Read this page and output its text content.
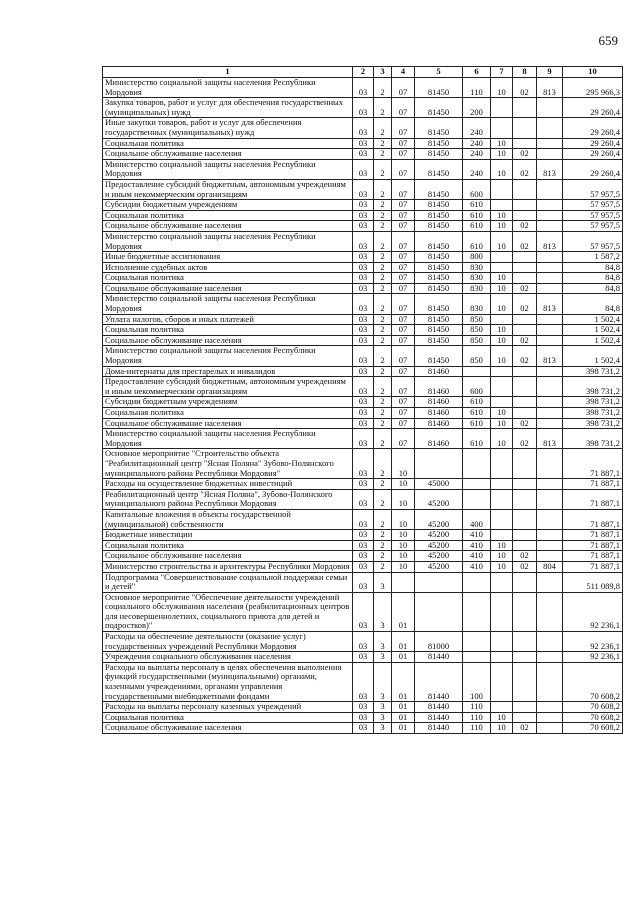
659
1	2	3	4	5	6	7	8	9	10
Министерство социальной защиты населения Республики Мордовия	03	2	07	81450	110	10	02	813	295 966,3
Закупка товаров, работ и услуг для обеспечения государственных (муниципальных) нужд	03	2	07	81450	200				29 260,4
Иные закупки товаров, работ и услуг для обеспечения государственных (муниципальных) нужд	03	2	07	81450	240				29 260,4
Социальная политика	03	2	07	81450	240	10			29 260,4
Социальное обслуживание населения	03	2	07	81450	240	10	02		29 260,4
Министерство социальной защиты населения Республики Мордовия	03	2	07	81450	240	10	02	813	29 260,4
Предоставление субсидий бюджетным, автономным учреждениям и иным некоммерческим организациям	03	2	07	81450	600				57 957,5
Субсидии бюджетным учреждениям	03	2	07	81450	610				57 957,5
Социальная политика	03	2	07	81450	610	10			57 957,5
Социальное обслуживание населения	03	2	07	81450	610	10	02		57 957,5
Министерство социальной защиты населения Республики Мордовия	03	2	07	81450	610	10	02	813	57 957,5
Иные бюджетные ассигнования	03	2	07	81450	800				1 587,2
Исполнение судебных актов	03	2	07	81450	830				84,8
Социальная политика	03	2	07	81450	830	10			84,8
Социальное обслуживание населения	03	2	07	81450	830	10	02		84,8
Министерство социальной защиты населения Республики Мордовия	03	2	07	81450	830	10	02	813	84,8
Уплата налогов, сборов и иных платежей	03	2	07	81450	850				1 502,4
Социальная политика	03	2	07	81450	850	10			1 502,4
Социальное обслуживание населения	03	2	07	81450	850	10	02		1 502,4
Министерство социальной защиты населения Республики Мордовия	03	2	07	81450	850	10	02	813	1 502,4
Дома-интернаты для престарелых и инвалидов	03	2	07	81460					398 731,2
Предоставление субсидий бюджетным, автономным учреждениям и иным некоммерческим организациям	03	2	07	81460	600				398 731,2
Субсидии бюджетным учреждениям	03	2	07	81460	610				398 731,2
Социальная политика	03	2	07	81460	610	10			398 731,2
Социальное обслуживание населения	03	2	07	81460	610	10	02		398 731,2
Министерство социальной защиты населения Республики Мордовия	03	2	07	81460	610	10	02	813	398 731,2
Основное мероприятие "Строительство объекта "Реабилитационный центр "Ясная Поляна" Зубово-Полянского муниципального района Республики Мордовия"	03	2	10						71 887,1
Расходы на осуществление бюджетных инвестиций	03	2	10	45000					71 887,1
Реабилитационный центр "Ясная Поляна", Зубово-Полянского муниципального района Республики Мордовия	03	2	10	45200					71 887,1
Капитальные вложения в объекты государственной (муниципальной) собственности	03	2	10	45200	400				71 887,1
Бюджетные инвестиции	03	2	10	45200	410				71 887,1
Социальная политика	03	2	10	45200	410	10			71 887,1
Социальное обслуживание населения	03	2	10	45200	410	10	02		71 887,1
Министерство строительства и архитектуры Республики Мордовия	03	2	10	45200	410	10	02	804	71 887,1
Подпрограмма "Совершенствование социальной поддержки семьи и детей"	03	3							511 089,8
Основное мероприятие "Обеспечение деятельности учреждений социального обслуживания населения (реабилитационных центров для несовершеннолетних, социального приюта для детей и подростков)"	03	3	01						92 236,1
Расходы на обеспечение деятельности (оказание услуг) государственных учреждений Республики Мордовия	03	3	01	81000					92 236,1
Учреждения социального обслуживания населения	03	3	01	81440					92 236,1
Расходы на выплаты персоналу в целях обеспечения выполнения функций государственными (муниципальными) органами, казенными учреждениями, органами управления государственными внебюджетными фондами	03	3	01	81440	100				70 608,2
Расходы на выплаты персоналу казенных учреждений	03	3	01	81440	110				70 608,2
Социальная политика	03	3	01	81440	110	10			70 608,2
Социальное обслуживание населения	03	3	01	81440	110	10	02		70 608,2
